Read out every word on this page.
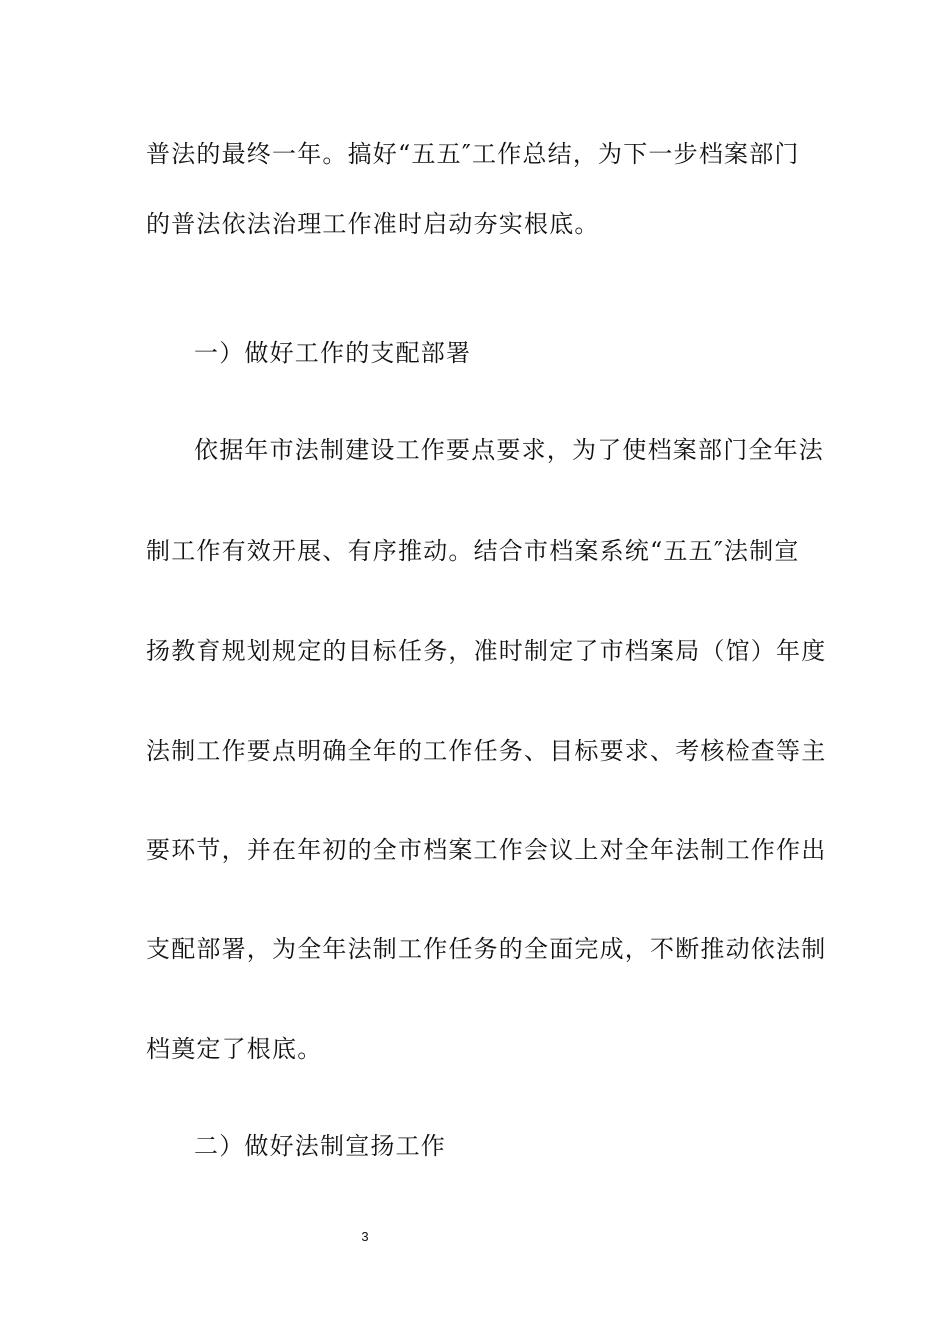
普法的最终一年。搞好“五五″工作总结，为下一步档案部门
的普法依法治理工作准时启动夯实根底。
一）做好工作的支配部署
依据年市法制建设工作要点要求，为了使档案部门全年法
制工作有效开展、有序推动。结合市档案系统“五五″法制宣
扬教育规划规定的目标任务，准时制定了市档案局（馆）年度
法制工作要点明确全年的工作任务、目标要求、考核检查等主
要环节，并在年初的全市档案工作会议上对全年法制工作作出
支配部署，为全年法制工作任务的全面完成，不断推动依法制
档奠定了根底。
二）做好法制宣扬工作
3
